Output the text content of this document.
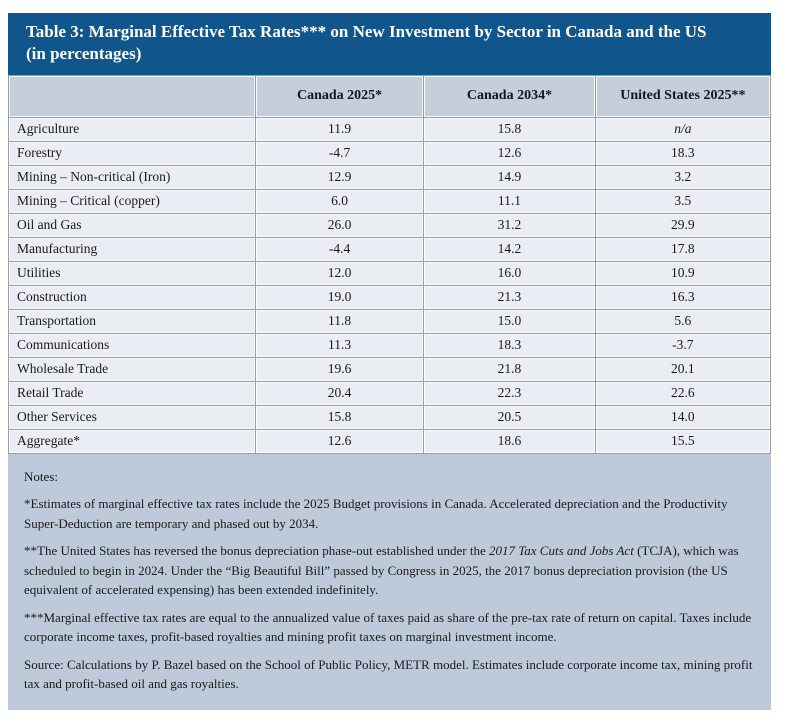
Table 3: Marginal Effective Tax Rates*** on New Investment by Sector in Canada and the US
(in percentages)
	Canada 2025*	Canada 2034*	United States 2025**
Agriculture	11.9	15.8	n/a
Forestry	-4.7	12.6	18.3
Mining – Non-critical (Iron)	12.9	14.9	3.2
Mining – Critical (copper)	6.0	11.1	3.5
Oil and Gas	26.0	31.2	29.9
Manufacturing	-4.4	14.2	17.8
Utilities	12.0	16.0	10.9
Construction	19.0	21.3	16.3
Transportation	11.8	15.0	5.6
Communications	11.3	18.3	-3.7
Wholesale Trade	19.6	21.8	20.1
Retail Trade	20.4	22.3	22.6
Other Services	15.8	20.5	14.0
Aggregate*	12.6	18.6	15.5

Notes:

*Estimates of marginal effective tax rates include the 2025 Budget provisions in Canada. Accelerated depreciation and the Productivity Super-Deduction are temporary and phased out by 2034.

**The United States has reversed the bonus depreciation phase-out established under the 2017 Tax Cuts and Jobs Act (TCJA), which was scheduled to begin in 2024. Under the “Big Beautiful Bill” passed by Congress in 2025, the 2017 bonus depreciation provision (the US equivalent of accelerated expensing) has been extended indefinitely.

***Marginal effective tax rates are equal to the annualized value of taxes paid as share of the pre-tax rate of return on capital. Taxes include corporate income taxes, profit-based royalties and mining profit taxes on marginal investment income.

Source: Calculations by P. Bazel based on the School of Public Policy, METR model. Estimates include corporate income tax, mining profit tax and profit-based oil and gas royalties.
